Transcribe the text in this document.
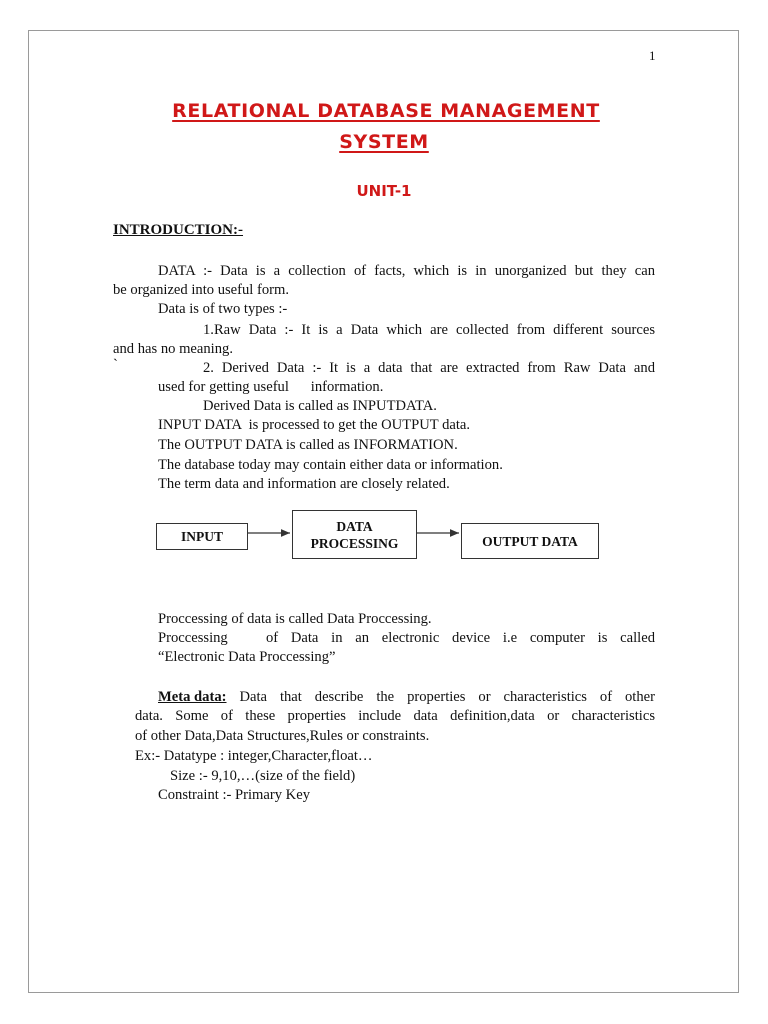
1
RELATIONAL DATABASE MANAGEMENT
SYSTEM
UNIT-1
INTRODUCTION:-
DATA :- Data is a collection of facts, which is in unorganized but they can
be organized into useful form.
Data is of two types :-
1.Raw Data :- It is a Data which are collected from different sources
and has no meaning.
`	2. Derived Data :- It is a data that are extracted from Raw Data and
used for getting useful      information.
Derived Data is called as INPUTDATA.
INPUT DATA  is processed to get the OUTPUT data.
The OUTPUT DATA is called as INFORMATION.
The database today may contain either data or information.
The term data and information are closely related.
INPUT
DATA
PROCESSING	OUTPUT DATA
Proccessing of data is called Data Proccessing.
Proccessing   of Data in an electronic device i.e computer is called
“Electronic Data Proccessing”
Meta data: Data that describe the properties or characteristics of other
data. Some of these properties include data definition,data or characteristics
of other Data,Data Structures,Rules or constraints.
Ex:- Datatype : integer,Character,float…
Size :- 9,10,…(size of the field)
Constraint :- Primary Key
